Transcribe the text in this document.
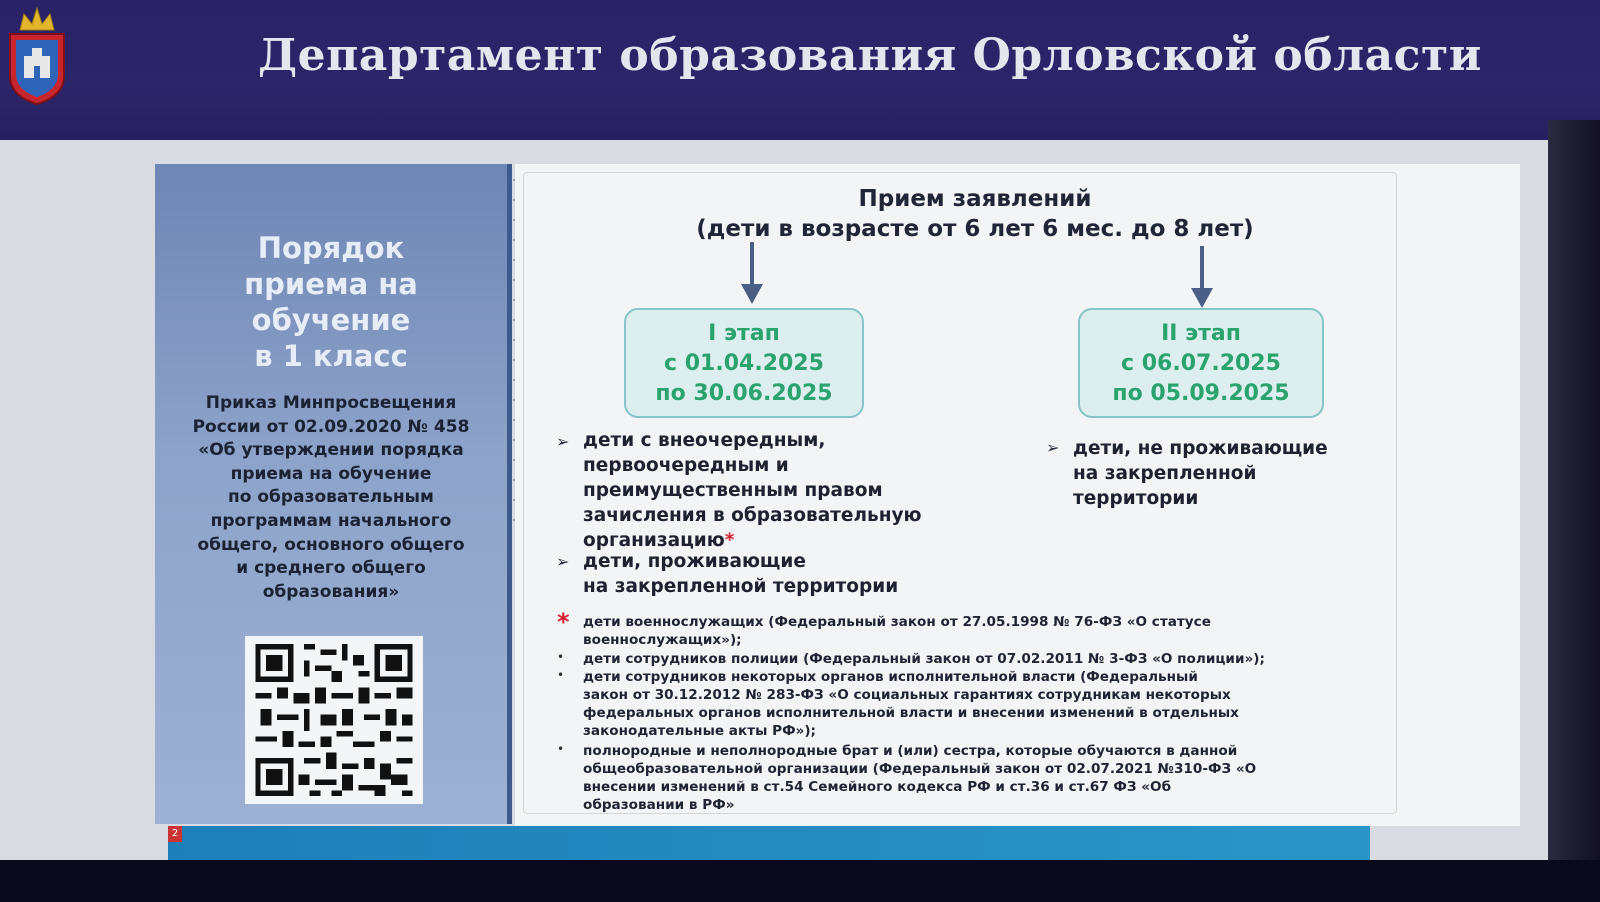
Департамент образования Орловской области
Порядок
приема на
обучение
в 1 класс
Приказ Минпросвещения
России от 02.09.2020 № 458
«Об утверждении порядка
приема на обучение
по образовательным
программам начального
общего, основного общего
и среднего общего
образования»
Прием заявлений
(дети в возрасте от 6 лет 6 мес. до 8 лет)
I этап
с 01.04.2025
по 30.06.2025
II этап
с 06.07.2025
по 05.09.2025
➢ дети с внеочередным,
первоочередным и
преимущественным правом
зачисления в образовательную
организацию*
➢ дети, проживающие
на закрепленной территории
➢ дети, не проживающие
на закрепленной
территории
* дети военнослужащих (Федеральный закон от 27.05.1998 № 76-ФЗ «О статусе
военнослужащих»);
• дети сотрудников полиции (Федеральный закон от 07.02.2011 № 3-ФЗ «О полиции»);
• дети сотрудников некоторых органов исполнительной власти (Федеральный
закон от 30.12.2012 № 283-ФЗ «О социальных гарантиях сотрудникам некоторых
федеральных органов исполнительной власти и внесении изменений в отдельных
законодательные акты РФ»);
• полнородные и неполнородные брат и (или) сестра, которые обучаются в данной
общеобразовательной организации (Федеральный закон от 02.07.2021 №310-ФЗ «О
внесении изменений в ст.54 Семейного кодекса РФ и ст.36 и ст.67 ФЗ «Об
образовании в РФ»
2
